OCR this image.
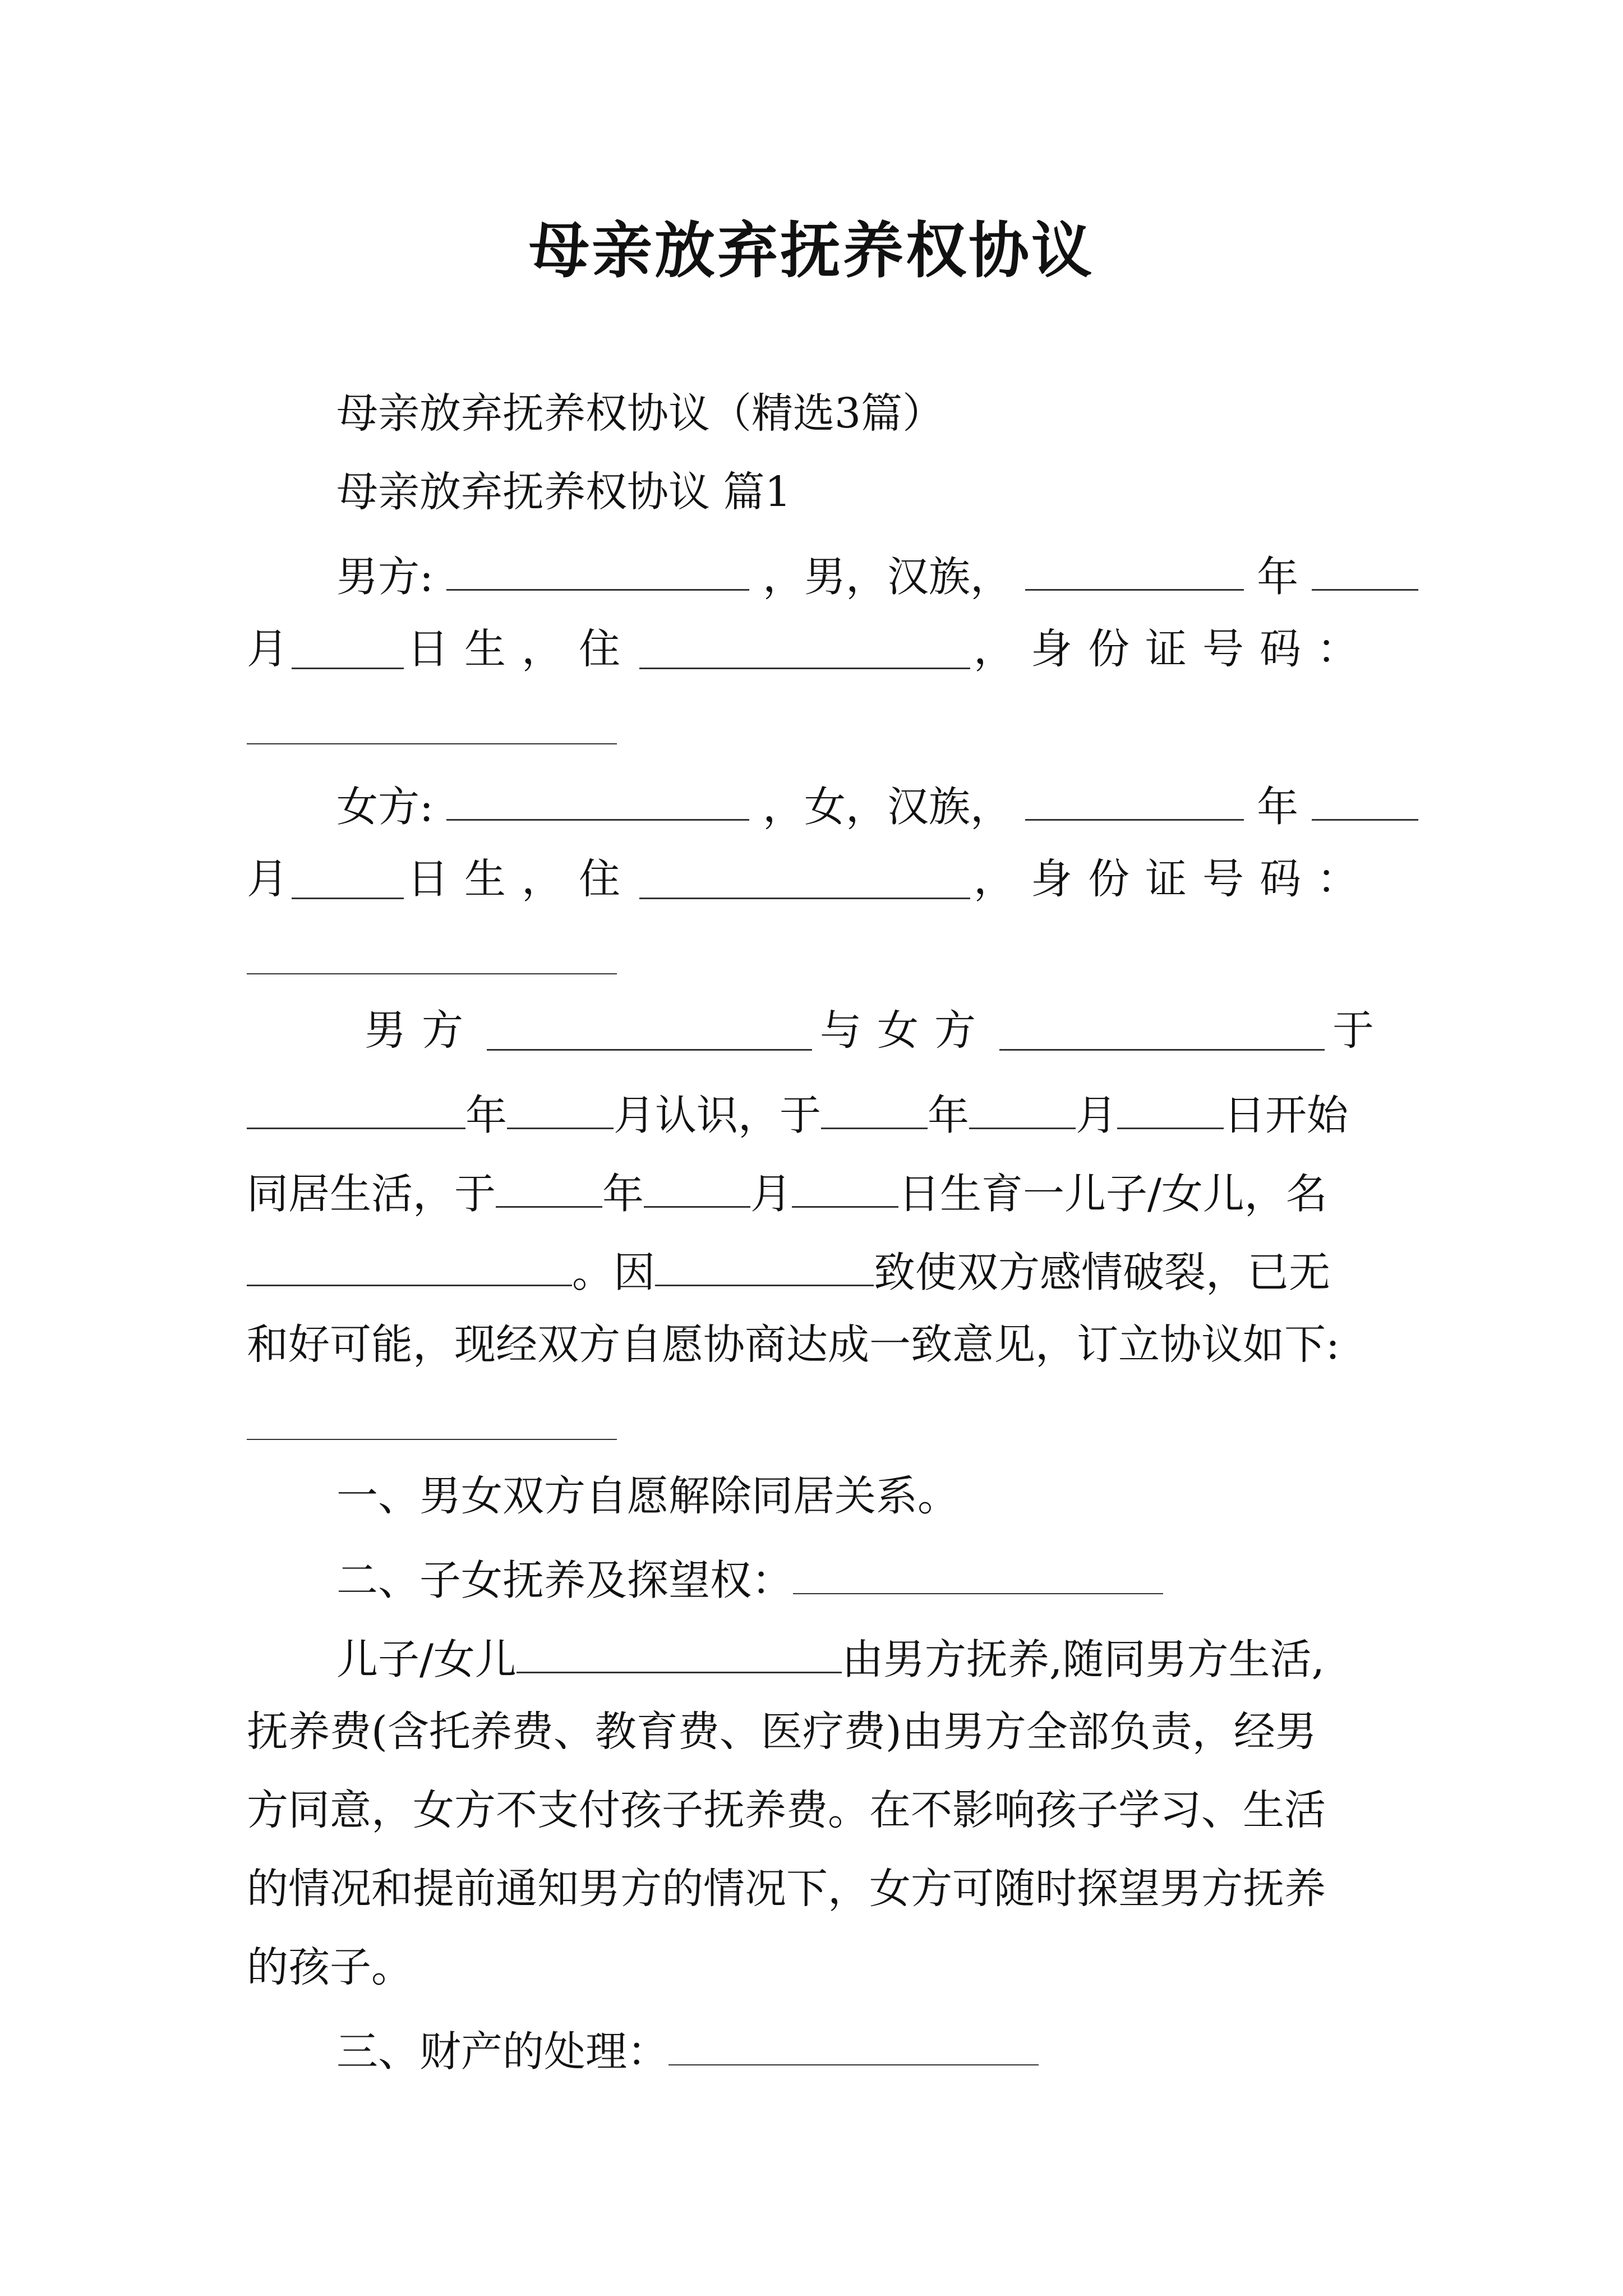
母亲放弃抚养权协议
母亲放弃抚养权协议（精选3篇）
母亲放弃抚养权协议 篇1
男方:	，男，汉族，	年
月	日生，住	，身份证号码：
女方:	，女，汉族，	年
月	日生，住	，身份证号码：
男方	与女方	于
年	月认识，于	年	月	日开始
同居生活，于	年	月	日生育一儿子/女儿，名
。因	致使双方感情破裂，已无
和好可能，现经双方自愿协商达成一致意见，订立协议如下:
一、男女双方自愿解除同居关系。
二、子女抚养及探望权：
儿子/女儿	由男方抚养,随同男方生活,
抚养费(含托养费、教育费、医疗费)由男方全部负责，经男
方同意，女方不支付孩子抚养费。在不影响孩子学习、生活
的情况和提前通知男方的情况下，女方可随时探望男方抚养
的孩子。
三、财产的处理：
